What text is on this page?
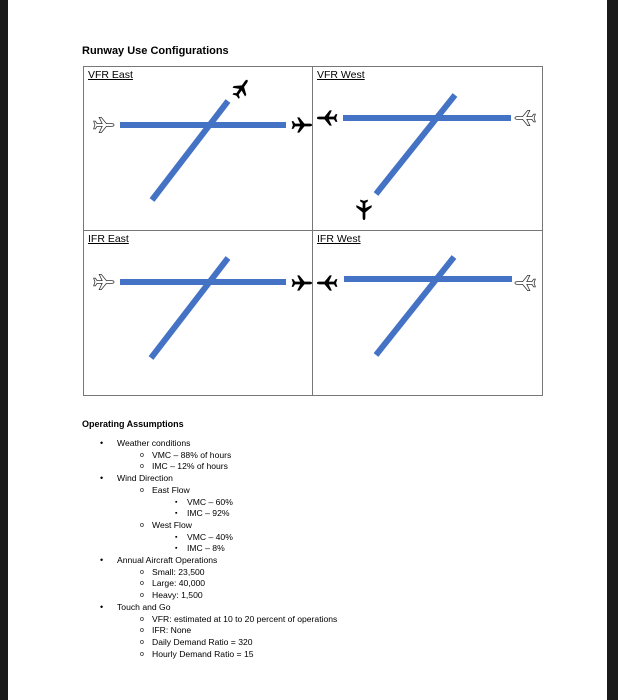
Runway Use Configurations
VFR East	VFR West
IFR East	IFR West
Operating Assumptions
• Weather conditions
o VMC – 88% of hours
o IMC – 12% of hours
• Wind Direction
o East Flow
▪ VMC – 60%
▪ IMC – 92%
o West Flow
▪ VMC – 40%
▪ IMC – 8%
• Annual Aircraft Operations
o Small: 23,500
o Large: 40,000
o Heavy: 1,500
• Touch and Go
o VFR: estimated at 10 to 20 percent of operations
o IFR: None
o Daily Demand Ratio = 320
o Hourly Demand Ratio = 15
